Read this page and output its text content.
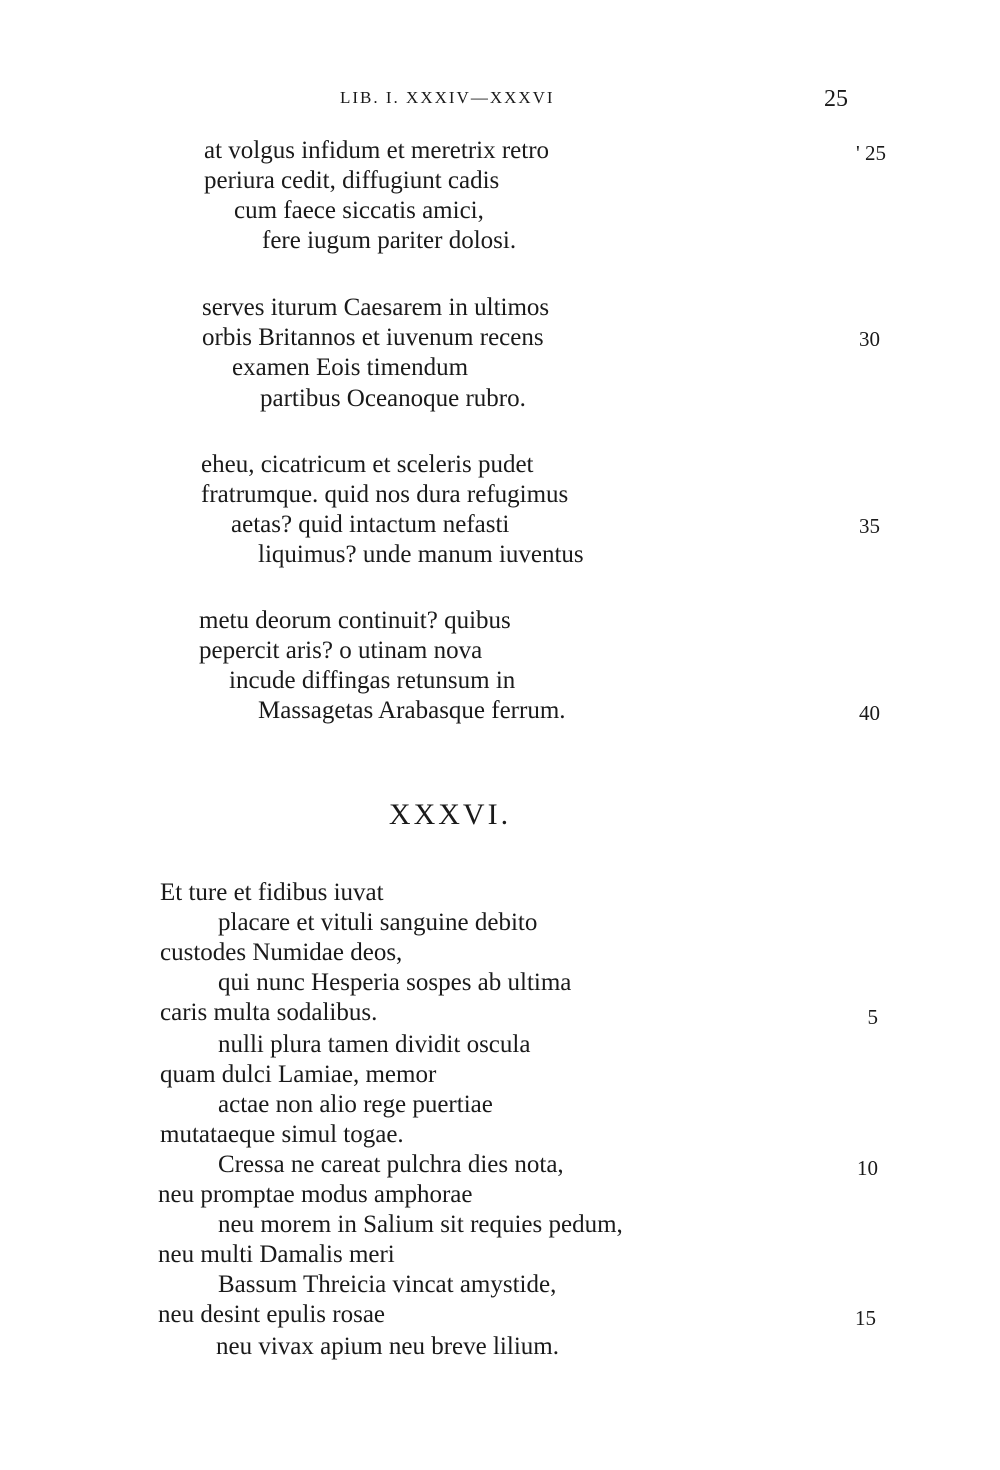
LIB. I. XXXIV—XXXVI	25
at volgus infidum et meretrix retro
periura cedit, diffugiunt cadis
cum faece siccatis amici,
fere iugum pariter dolosi.
' 25
serves iturum Caesarem in ultimos
orbis Britannos et iuvenum recens
examen Eois timendum
partibus Oceanoque rubro.
30
eheu, cicatricum et sceleris pudet
fratrumque. quid nos dura refugimus
aetas? quid intactum nefasti
liquimus? unde manum iuventus
35
metu deorum continuit? quibus
pepercit aris? o utinam nova
incude diffingas retunsum in
Massagetas Arabasque ferrum.	40
XXXVI.
Et ture et fidibus iuvat
placare et vituli sanguine debito
custodes Numidae deos,
qui nunc Hesperia sospes ab ultima
caris multa sodalibus.	5
nulli plura tamen dividit oscula
quam dulci Lamiae, memor
actae non alio rege puertiae
mutataeque simul togae.
Cressa ne careat pulchra dies nota,	10
neu promptae modus amphorae
neu morem in Salium sit requies pedum,
neu multi Damalis meri
Bassum Threicia vincat amystide,
neu desint epulis rosae	15
neu vivax apium neu breve lilium.
